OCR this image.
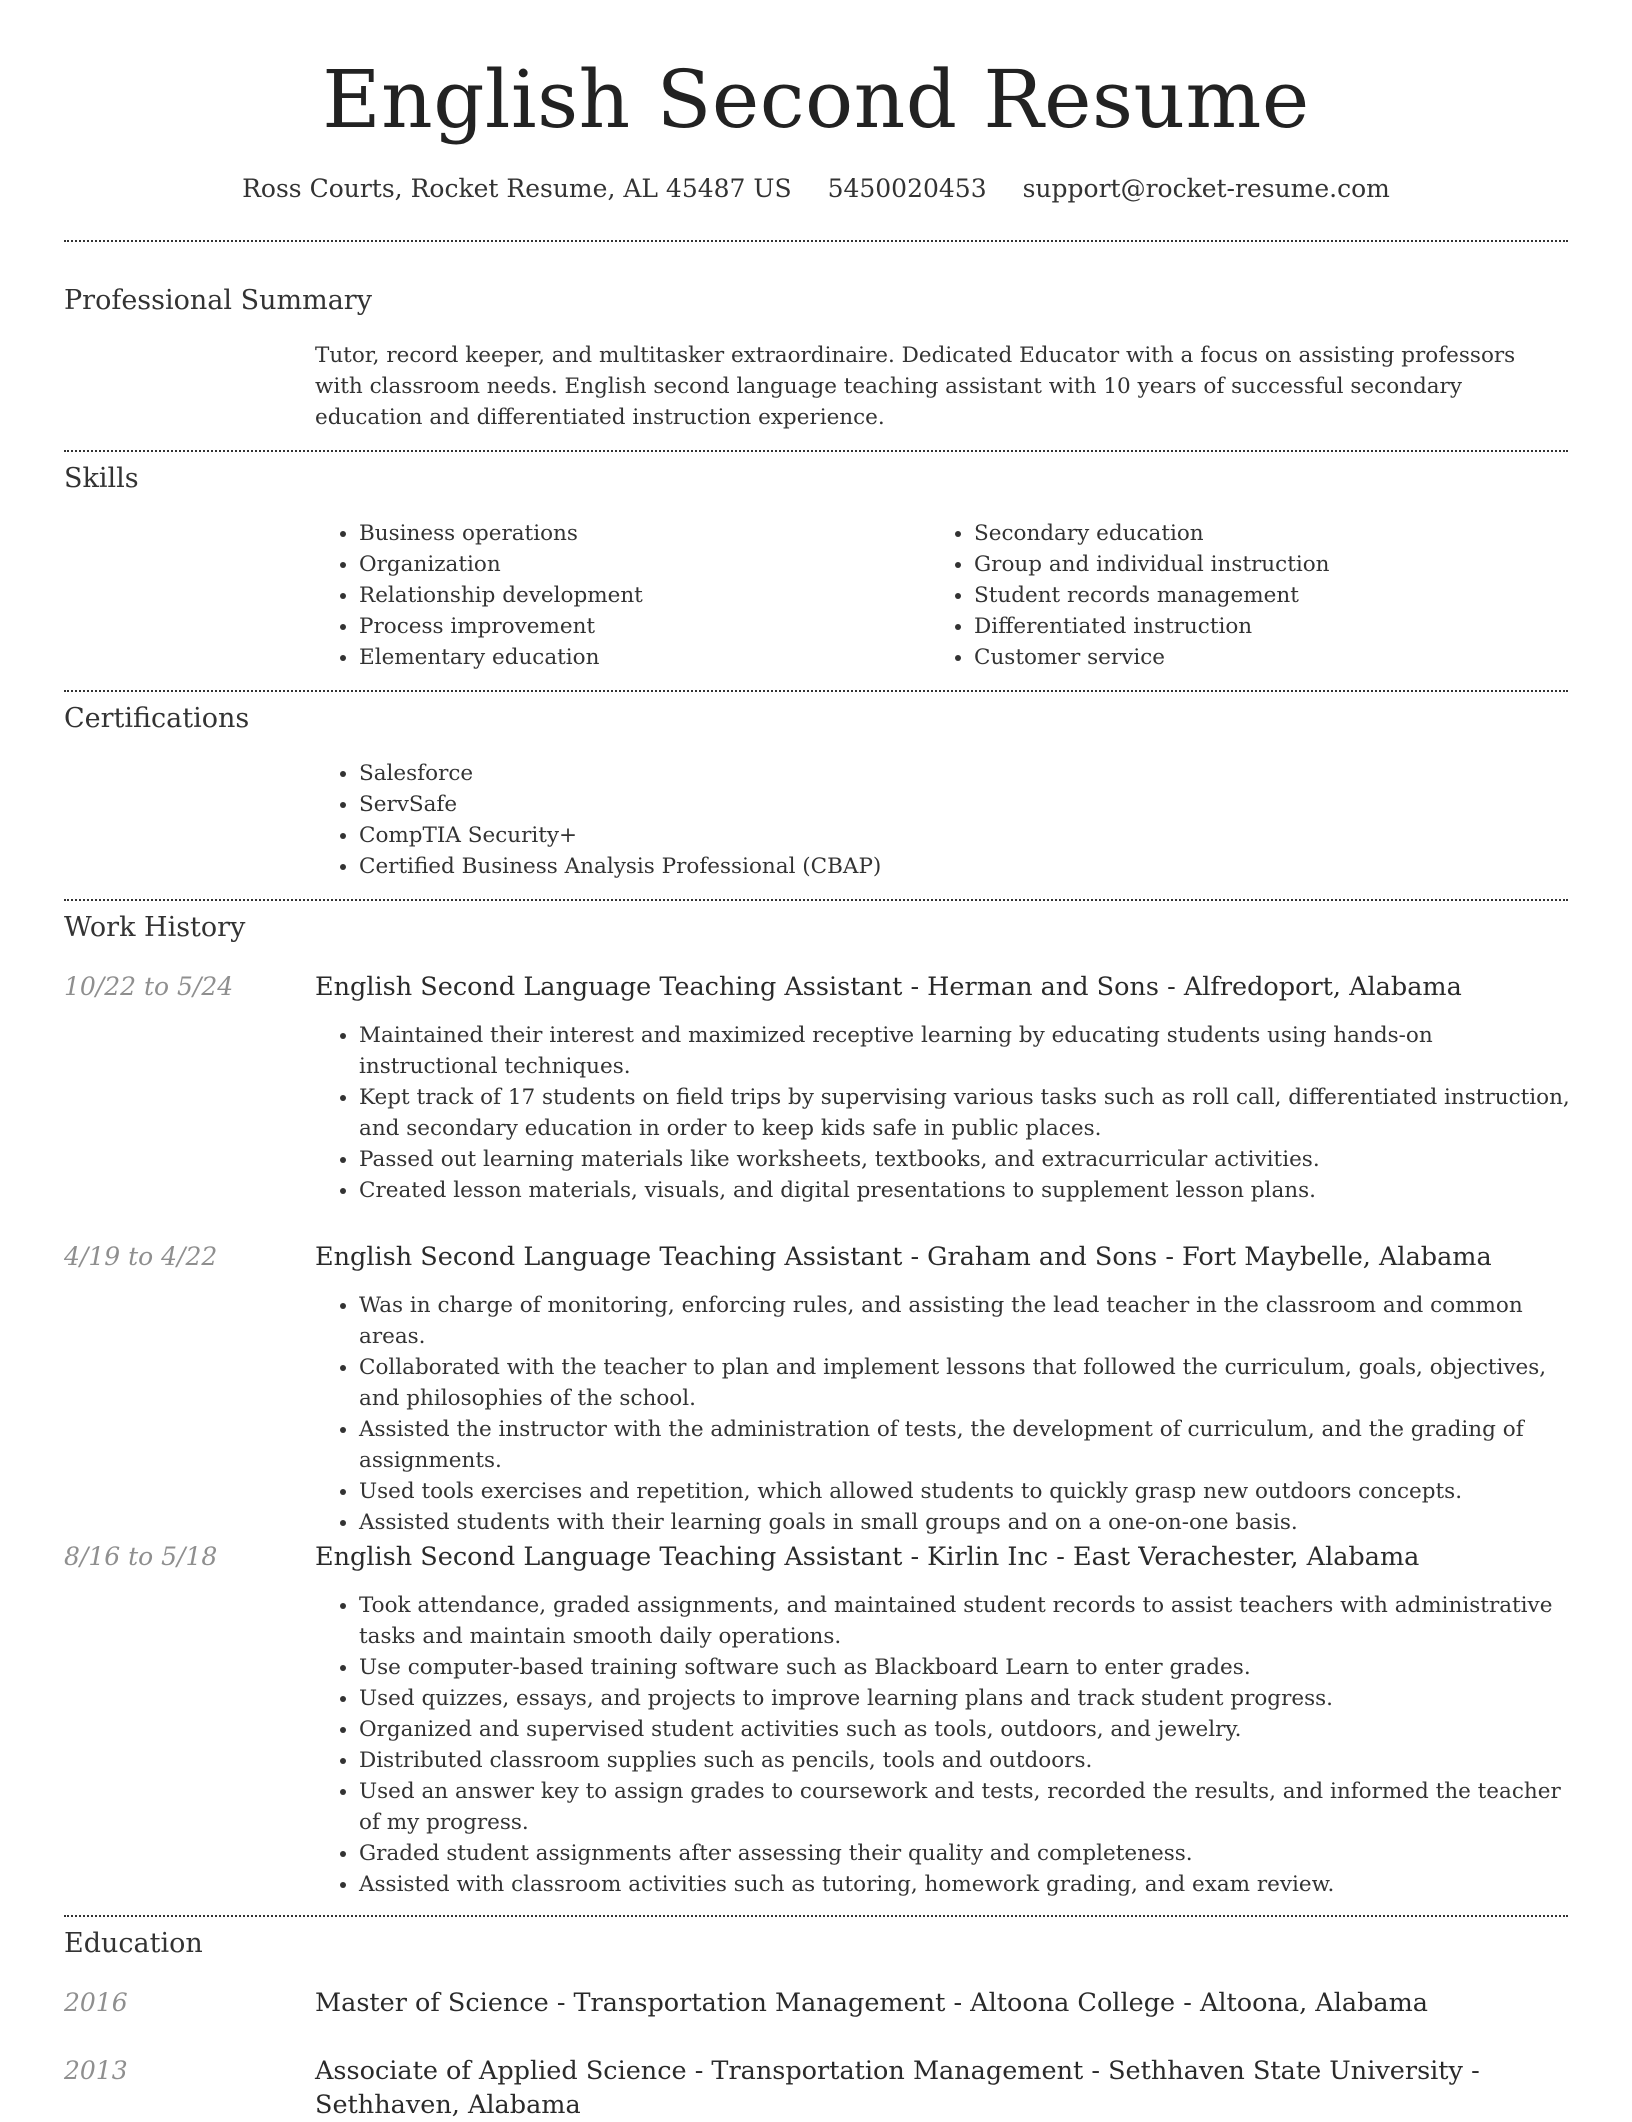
English Second Resume
Ross Courts, Rocket Resume, AL 45487 US 5450020453 support@rocket-resume.com
Professional Summary

Tutor, record keeper, and multitasker extraordinaire. Dedicated Educator with a focus on assisting professors with classroom needs. English second language teaching assistant with 10 years of successful secondary education and differentiated instruction experience.

Skills
• Business operations
• Organization
• Relationship development
• Process improvement
• Elementary education
• Secondary education
• Group and individual instruction
• Student records management
• Differentiated instruction
• Customer service
Certifications
• Salesforce
• ServSafe
• CompTIA Security+
• Certified Business Analysis Professional (CBAP)
Work History
10/22 to 5/24	English Second Language Teaching Assistant - Herman and Sons - Alfredoport, Alabama
• Maintained their interest and maximized receptive learning by educating students using hands-on instructional techniques.
• Kept track of 17 students on field trips by supervising various tasks such as roll call, differentiated instruction, and secondary education in order to keep kids safe in public places.
• Passed out learning materials like worksheets, textbooks, and extracurricular activities.
• Created lesson materials, visuals, and digital presentations to supplement lesson plans.
4/19 to 4/22	English Second Language Teaching Assistant - Graham and Sons - Fort Maybelle, Alabama
• Was in charge of monitoring, enforcing rules, and assisting the lead teacher in the classroom and common areas.
• Collaborated with the teacher to plan and implement lessons that followed the curriculum, goals, objectives, and philosophies of the school.
• Assisted the instructor with the administration of tests, the development of curriculum, and the grading of assignments.
• Used tools exercises and repetition, which allowed students to quickly grasp new outdoors concepts.
• Assisted students with their learning goals in small groups and on a one-on-one basis.
8/16 to 5/18	English Second Language Teaching Assistant - Kirlin Inc - East Verachester, Alabama
• Took attendance, graded assignments, and maintained student records to assist teachers with administrative tasks and maintain smooth daily operations.
• Use computer-based training software such as Blackboard Learn to enter grades.
• Used quizzes, essays, and projects to improve learning plans and track student progress.
• Organized and supervised student activities such as tools, outdoors, and jewelry.
• Distributed classroom supplies such as pencils, tools and outdoors.
• Used an answer key to assign grades to coursework and tests, recorded the results, and informed the teacher of my progress.
• Graded student assignments after assessing their quality and completeness.
• Assisted with classroom activities such as tutoring, homework grading, and exam review.
Education
2016	Master of Science - Transportation Management - Altoona College - Altoona, Alabama
2013	Associate of Applied Science - Transportation Management - Sethhaven State University - Sethhaven, Alabama
